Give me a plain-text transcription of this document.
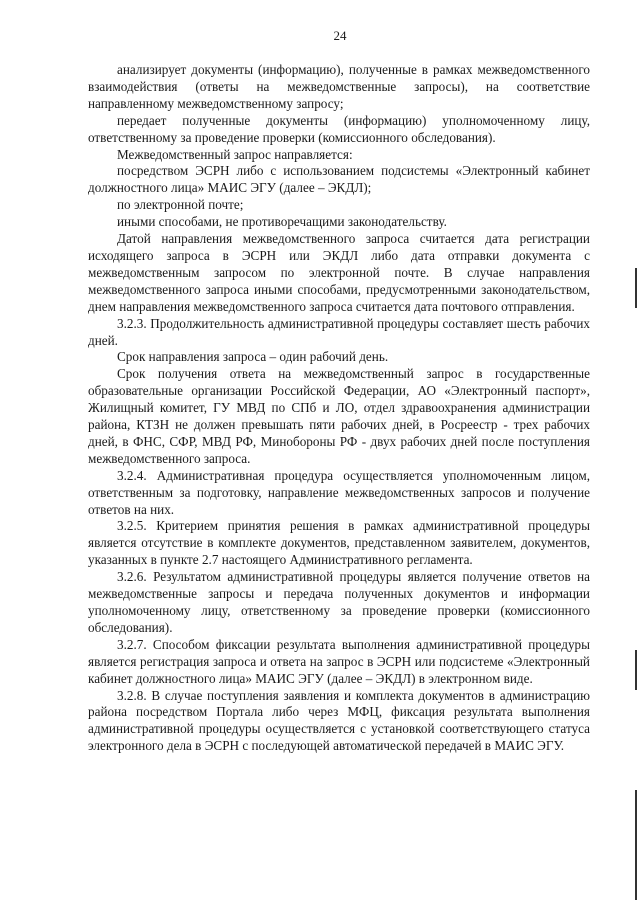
24

анализирует документы (информацию), полученные в рамках межведомственного взаимодействия (ответы на межведомственные запросы), на соответствие направленному межведомственному запросу;

передает полученные документы (информацию) уполномоченному лицу, ответственному за проведение проверки (комиссионного обследования).

Межведомственный запрос направляется:

посредством ЭСРН либо с использованием подсистемы «Электронный кабинет должностного лица» МАИС ЭГУ (далее – ЭКДЛ);

по электронной почте;

иными способами, не противоречащими законодательству.

Датой направления межведомственного запроса считается дата регистрации исходящего запроса в ЭСРН или ЭКДЛ либо дата отправки документа с межведомственным запросом по электронной почте. В случае направления межведомственного запроса иными способами, предусмотренными законодательством, днем направления межведомственного запроса считается дата почтового отправления.

3.2.3. Продолжительность административной процедуры составляет шесть рабочих дней.

Срок направления запроса – один рабочий день.

Срок получения ответа на межведомственный запрос в государственные образовательные организации Российской Федерации, АО «Электронный паспорт», Жилищный комитет, ГУ МВД по СПб и ЛО, отдел здравоохранения администрации района, КТЗН не должен превышать пяти рабочих дней, в Росреестр - трех рабочих дней, в ФНС, СФР, МВД РФ, Минобороны РФ - двух рабочих дней после поступления межведомственного запроса.

3.2.4. Административная процедура осуществляется уполномоченным лицом, ответственным за подготовку, направление межведомственных запросов и получение ответов на них.

3.2.5. Критерием принятия решения в рамках административной процедуры является отсутствие в комплекте документов, представленном заявителем, документов, указанных в пункте 2.7 настоящего Административного регламента.

3.2.6. Результатом административной процедуры является получение ответов на межведомственные запросы и передача полученных документов и информации уполномоченному лицу, ответственному за проведение проверки (комиссионного обследования).

3.2.7. Способом фиксации результата выполнения административной процедуры является регистрация запроса и ответа на запрос в ЭСРН или подсистеме «Электронный кабинет должностного лица» МАИС ЭГУ (далее – ЭКДЛ) в электронном виде.

3.2.8. В случае поступления заявления и комплекта документов в администрацию района посредством Портала либо через МФЦ, фиксация результата выполнения административной процедуры осуществляется с установкой соответствующего статуса электронного дела в ЭСРН с последующей автоматической передачей в МАИС ЭГУ.
